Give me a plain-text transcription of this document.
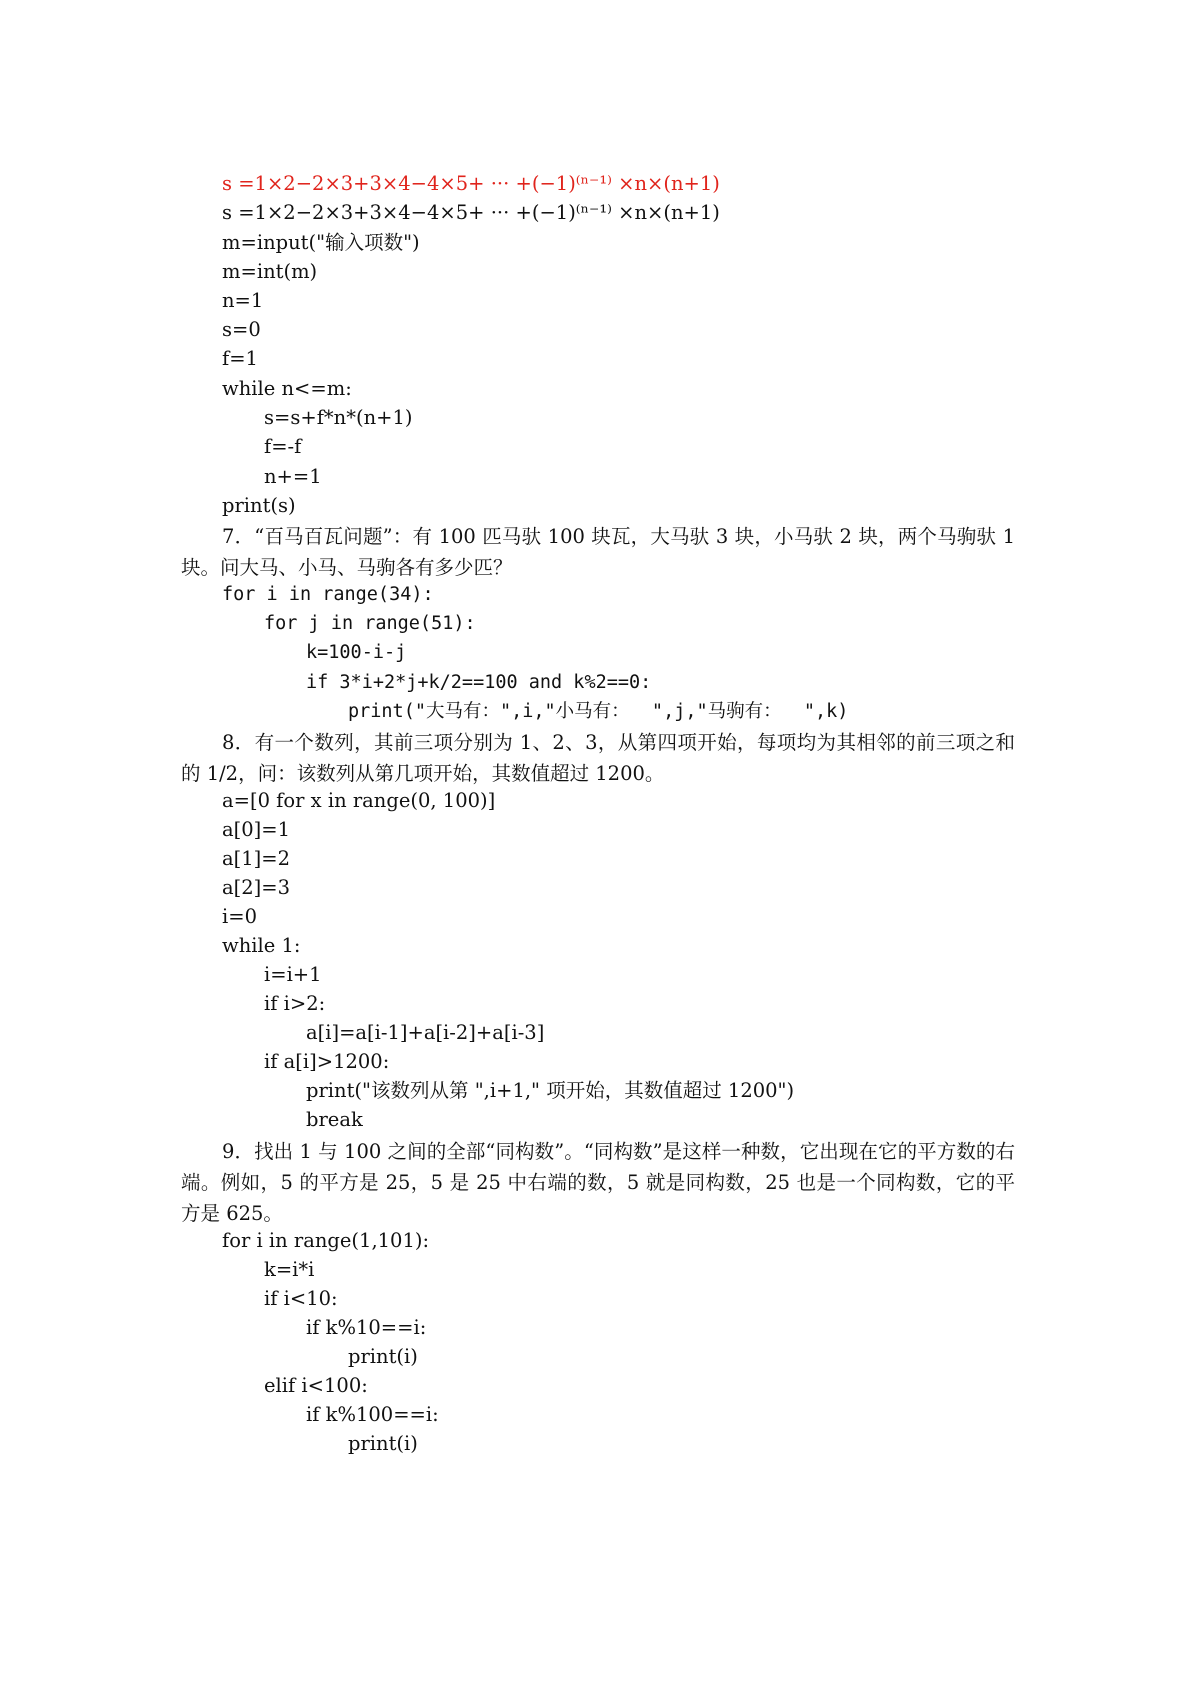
s =1×2−2×3+3×4−4×5+ ··· +(−1)⁽ⁿ⁻¹⁾ ×n×(n+1)
s =1×2−2×3+3×4−4×5+ ··· +(−1)⁽ⁿ⁻¹⁾ ×n×(n+1)
m=input("输入项数")
m=int(m)
n=1
s=0
f=1
while n<=m:
s=s+f*n*(n+1)
f=-f
n+=1
print(s)
7．“百马百瓦问题”：有 100 匹马驮 100 块瓦，大马驮 3 块，小马驮 2 块，两个马驹驮 1 块。问大马、小马、马驹各有多少匹？
for i in range(34):
for j in range(51):
k=100-i-j
if 3*i+2*j+k/2==100 and k%2==0:
print("大马有：",i,"小马有：  ",j,"马驹有：  ",k)
8．有一个数列，其前三项分别为 1、2、3，从第四项开始，每项均为其相邻的前三项之和的 1/2，问：该数列从第几项开始，其数值超过 1200。
a=[0 for x in range(0, 100)]
a[0]=1
a[1]=2
a[2]=3
i=0
while 1:
i=i+1
if i>2:
a[i]=a[i-1]+a[i-2]+a[i-3]
if a[i]>1200:
print("该数列从第 ",i+1," 项开始，其数值超过 1200")
break
9．找出 1 与 100 之间的全部“同构数”。“同构数”是这样一种数，它出现在它的平方数的右端。例如，5 的平方是 25，5 是 25 中右端的数，5 就是同构数，25 也是一个同构数，它的平方是 625。
for i in range(1,101):
k=i*i
if i<10:
if k%10==i:
print(i)
elif i<100:
if k%100==i:
print(i)
